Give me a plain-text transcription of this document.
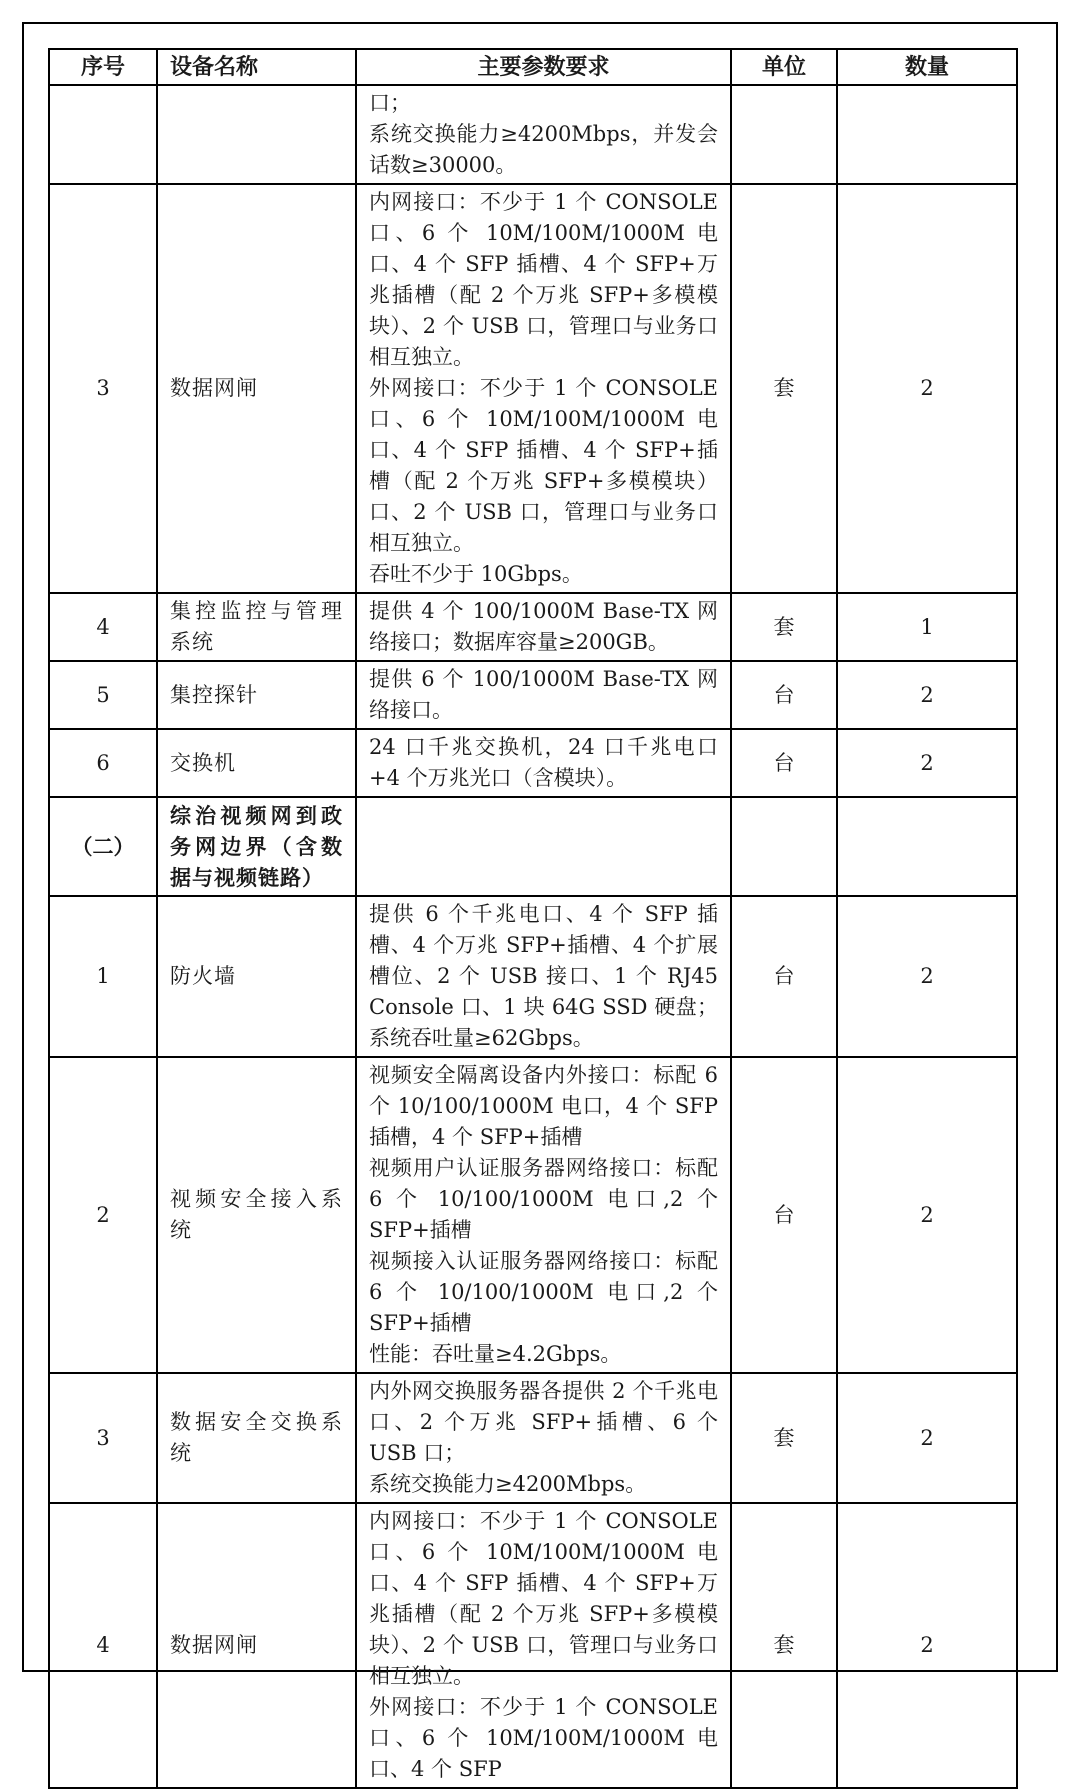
序号	设备名称	主要参数要求	单位	数量

		口；
系统交换能力≥4200Mbps，并发会话数≥30000。		

3	数据网闸	内网接口：不少于 1 个 CONSOLE 口、6 个 10M/100M/1000M 电口、4 个 SFP 插槽、4 个 SFP+万兆插槽（配 2 个万兆 SFP+多模模块）、2 个 USB 口，管理口与业务口相互独立。
外网接口：不少于 1 个 CONSOLE 口、6 个 10M/100M/1000M 电口、4 个 SFP 插槽、4 个 SFP+插槽（配 2 个万兆 SFP+多模模块）口、2 个 USB 口，管理口与业务口相互独立。
吞吐不少于 10Gbps。	套	2
4	集控监控与管理系统	提供 4 个 100/1000M Base-TX 网络接口；数据库容量≥200GB。	套	1
5	集控探针	提供 6 个 100/1000M Base-TX 网络接口。	台	2
6	交换机	24 口千兆交换机，24 口千兆电口+4 个万兆光口（含模块）。	台	2
（二）	综治视频网到政务网边界（含数据与视频链路）			
1	防火墙	提供 6 个千兆电口、4 个 SFP 插槽、4 个万兆 SFP+插槽、4 个扩展槽位、2 个 USB 接口、1 个 RJ45 Console 口、1 块 64G SSD 硬盘；系统吞吐量≥62Gbps。	台	2
2	视频安全接入系统	视频安全隔离设备内外接口：标配 6 个 10/100/1000M 电口，4 个 SFP 插槽，4 个 SFP+插槽
视频用户认证服务器网络接口：标配 6 个 10/100/1000M 电口,2 个 SFP+插槽
视频接入认证服务器网络接口：标配 6 个 10/100/1000M 电口,2 个 SFP+插槽
性能：吞吐量≥4.2Gbps。	台	2
3	数据安全交换系统	内外网交换服务器各提供 2 个千兆电口、2 个万兆 SFP+插槽、6 个 USB 口；
系统交换能力≥4200Mbps。	套	2
4	数据网闸	内网接口：不少于 1 个 CONSOLE 口、6 个 10M/100M/1000M 电口、4 个 SFP 插槽、4 个 SFP+万兆插槽（配 2 个万兆 SFP+多模模块）、2 个 USB 口，管理口与业务口相互独立。
外网接口：不少于 1 个 CONSOLE 口、6 个 10M/100M/1000M 电口、4 个 SFP	套	2
